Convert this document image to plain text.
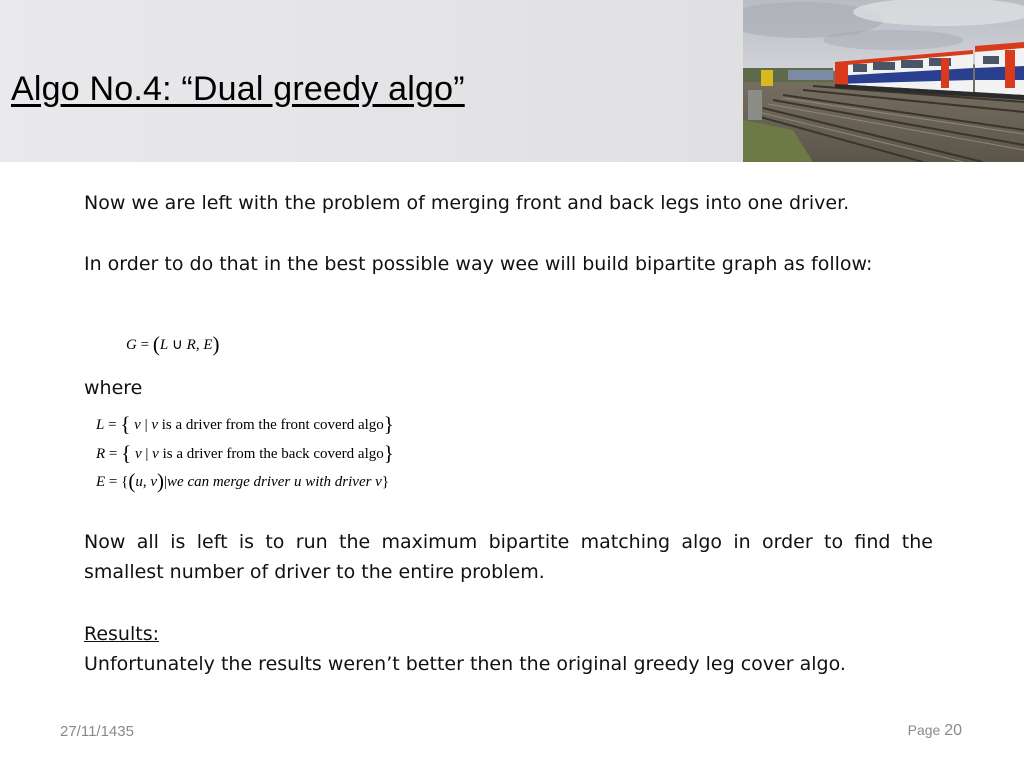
Algo No.4: “Dual greedy algo”
Now we are left with the problem of merging front and back legs into one driver.
In order to do that in the best possible way wee will build bipartite graph as follow:
G = (L ∪ R, E)
where
L = { v | v is a driver from the front coverd algo}
R = { v | v is a driver from the back coverd algo}
E = {(u, v)|we can merge driver u with driver v}
Now all is left is to run the maximum bipartite matching algo in order to find the smallest number of driver to the entire problem.
Results:
Unfortunately the results weren’t better then the original greedy leg cover algo.
27/11/1435	Page 20
